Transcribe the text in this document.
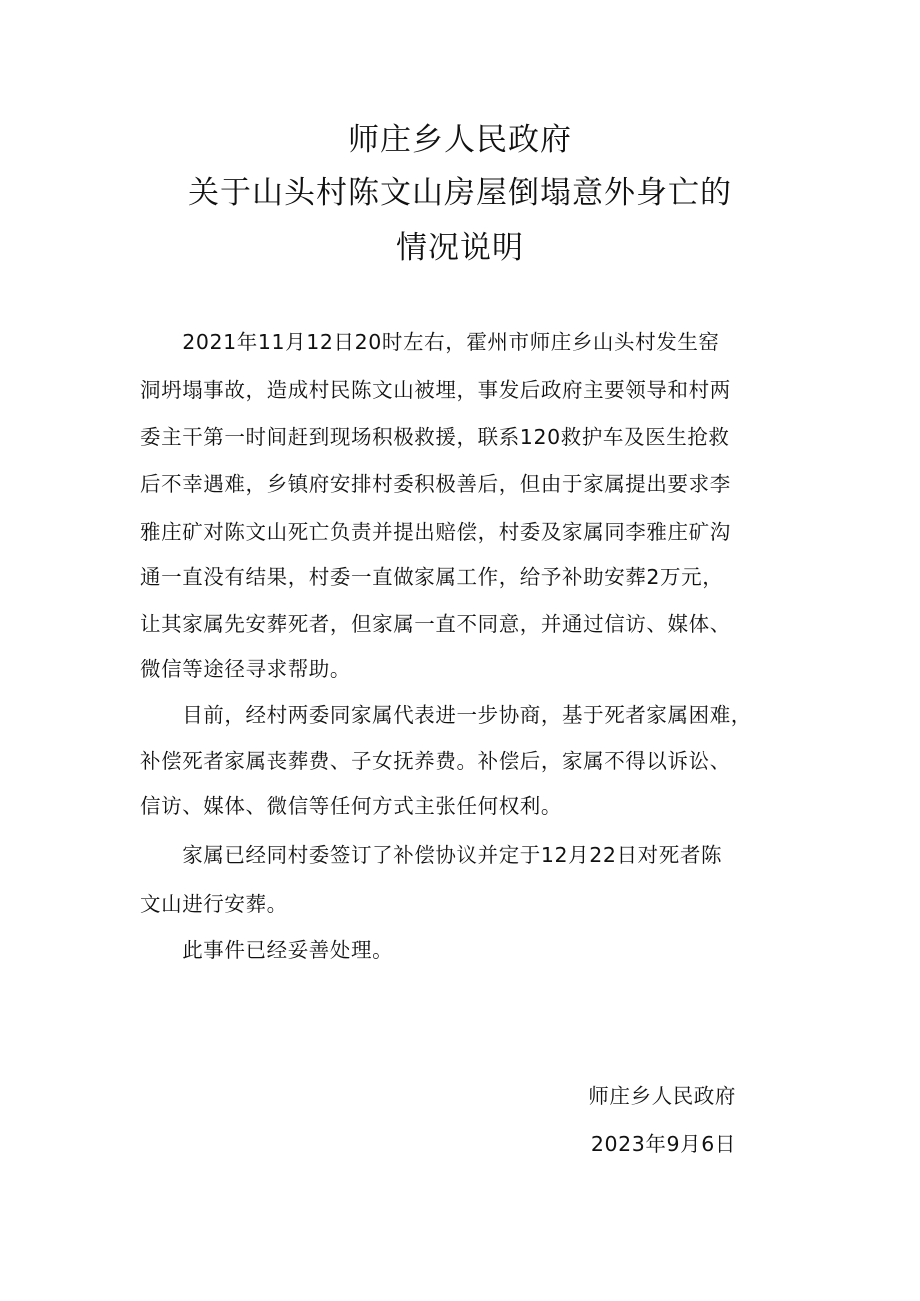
师庄乡人民政府
关于山头村陈文山房屋倒塌意外身亡的
情况说明
　　2021年11月12日20时左右，霍州市师庄乡山头村发生窑
洞坍塌事故，造成村民陈文山被埋，事发后政府主要领导和村两
委主干第一时间赶到现场积极救援，联系120救护车及医生抢救
后不幸遇难，乡镇府安排村委积极善后，但由于家属提出要求李
雅庄矿对陈文山死亡负责并提出赔偿，村委及家属同李雅庄矿沟
通一直没有结果，村委一直做家属工作，给予补助安葬2万元，
让其家属先安葬死者，但家属一直不同意，并通过信访、媒体、
微信等途径寻求帮助。
　　目前，经村两委同家属代表进一步协商，基于死者家属困难，
补偿死者家属丧葬费、子女抚养费。补偿后，家属不得以诉讼、
信访、媒体、微信等任何方式主张任何权利。
　　家属已经同村委签订了补偿协议并定于12月22日对死者陈
文山进行安葬。
　　此事件已经妥善处理。
师庄乡人民政府
2023年9月6日
